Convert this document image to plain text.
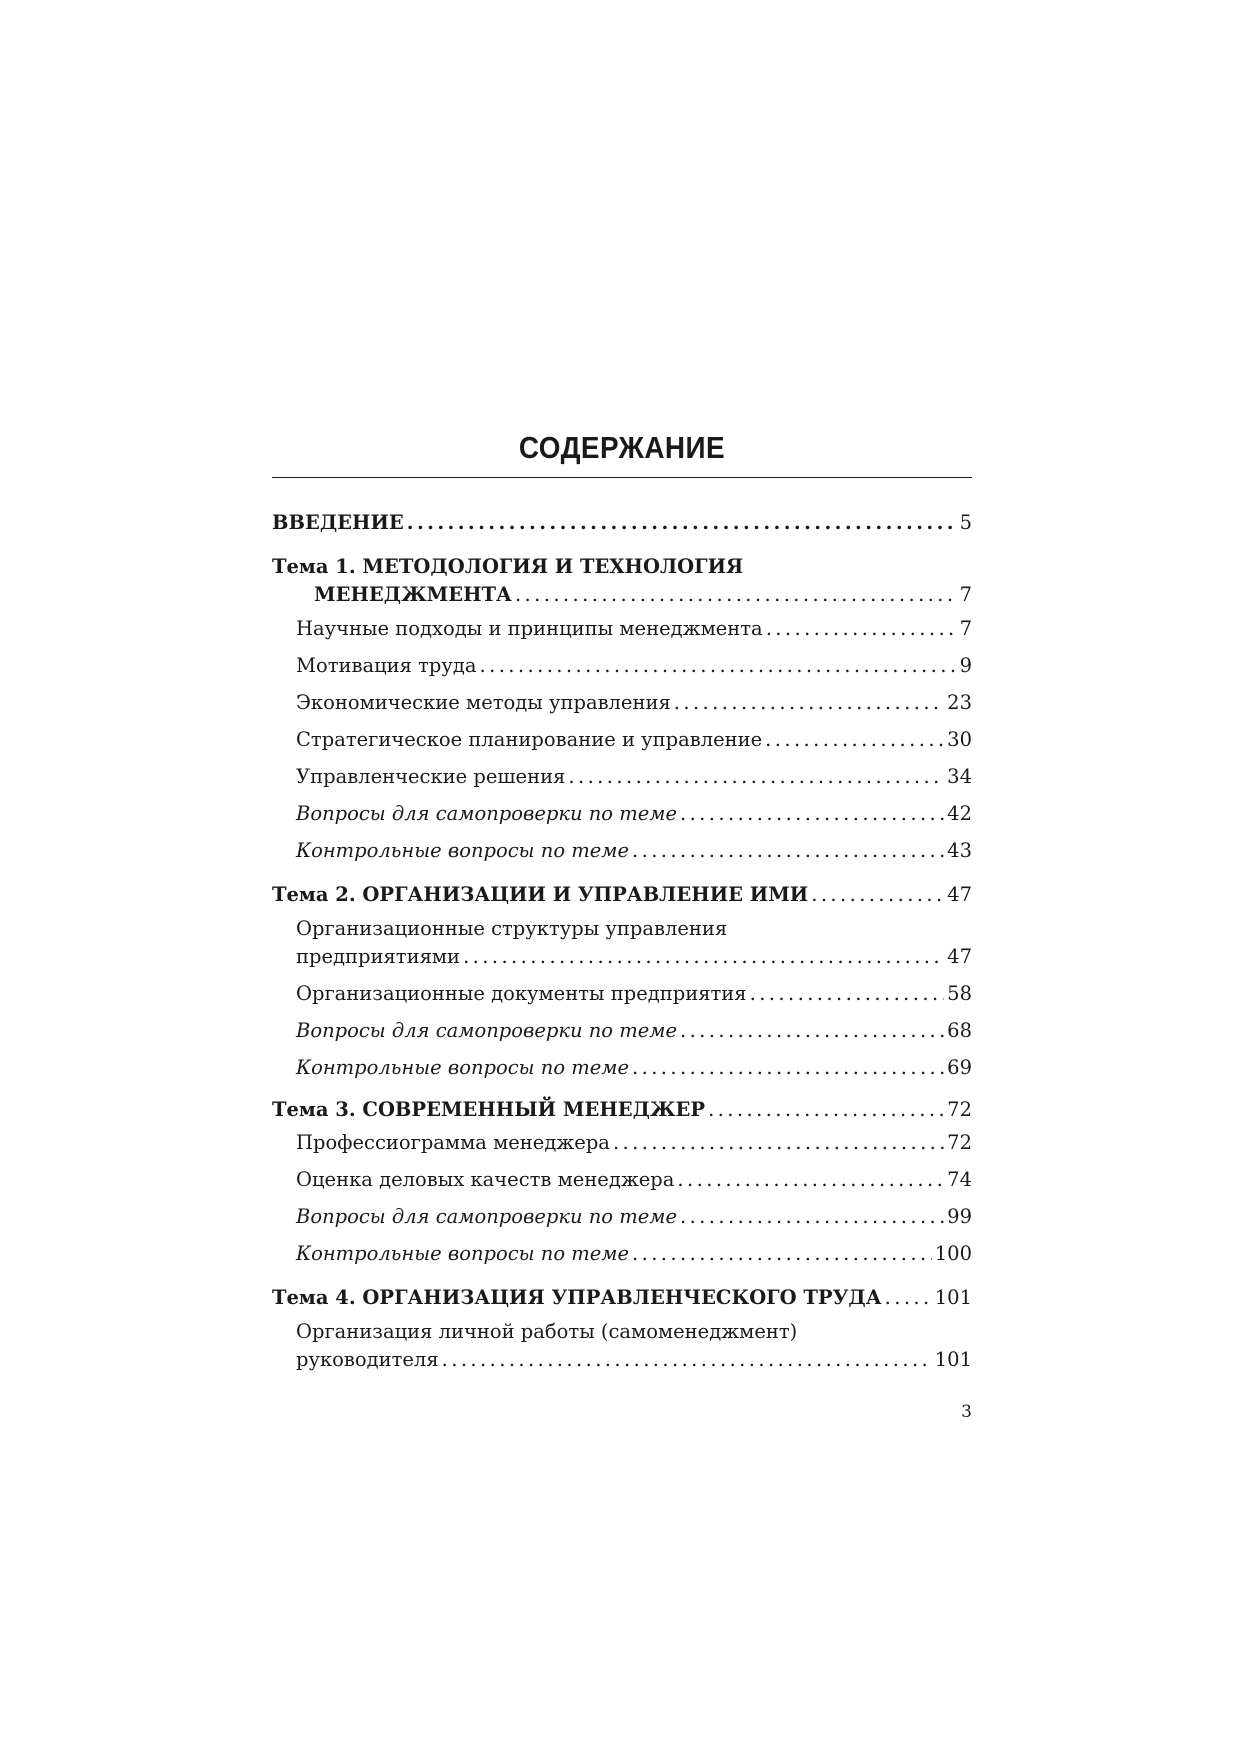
СОДЕРЖАНИЕ
ВВЕДЕНИЕ .....	5
Тема 1. МЕТОДОЛОГИЯ И ТЕХНОЛОГИЯ
МЕНЕДЖМЕНТА .....	7
Научные подходы и принципы менеджмента .....	7
Мотивация труда .....	9
Экономические методы управления .....	23
Стратегическое планирование и управление .....	30
Управленческие решения .....	34
Вопросы для самопроверки по теме .....	42
Контрольные вопросы по теме .....	43
Тема 2. ОРГАНИЗАЦИИ И УПРАВЛЕНИЕ ИМИ .....	47
Организационные структуры управления
предприятиями .....	47
Организационные документы предприятия .....	58
Вопросы для самопроверки по теме .....	68
Контрольные вопросы по теме .....	69
Тема 3. СОВРЕМЕННЫЙ МЕНЕДЖЕР .....	72
Профессиограмма менеджера .....	72
Оценка деловых качеств менеджера .....	74
Вопросы для самопроверки по теме .....	99
Контрольные вопросы по теме .....	100
Тема 4. ОРГАНИЗАЦИЯ УПРАВЛЕНЧЕСКОГО ТРУДА .....	101
Организация личной работы (самоменеджмент)
руководителя .....	101
3
